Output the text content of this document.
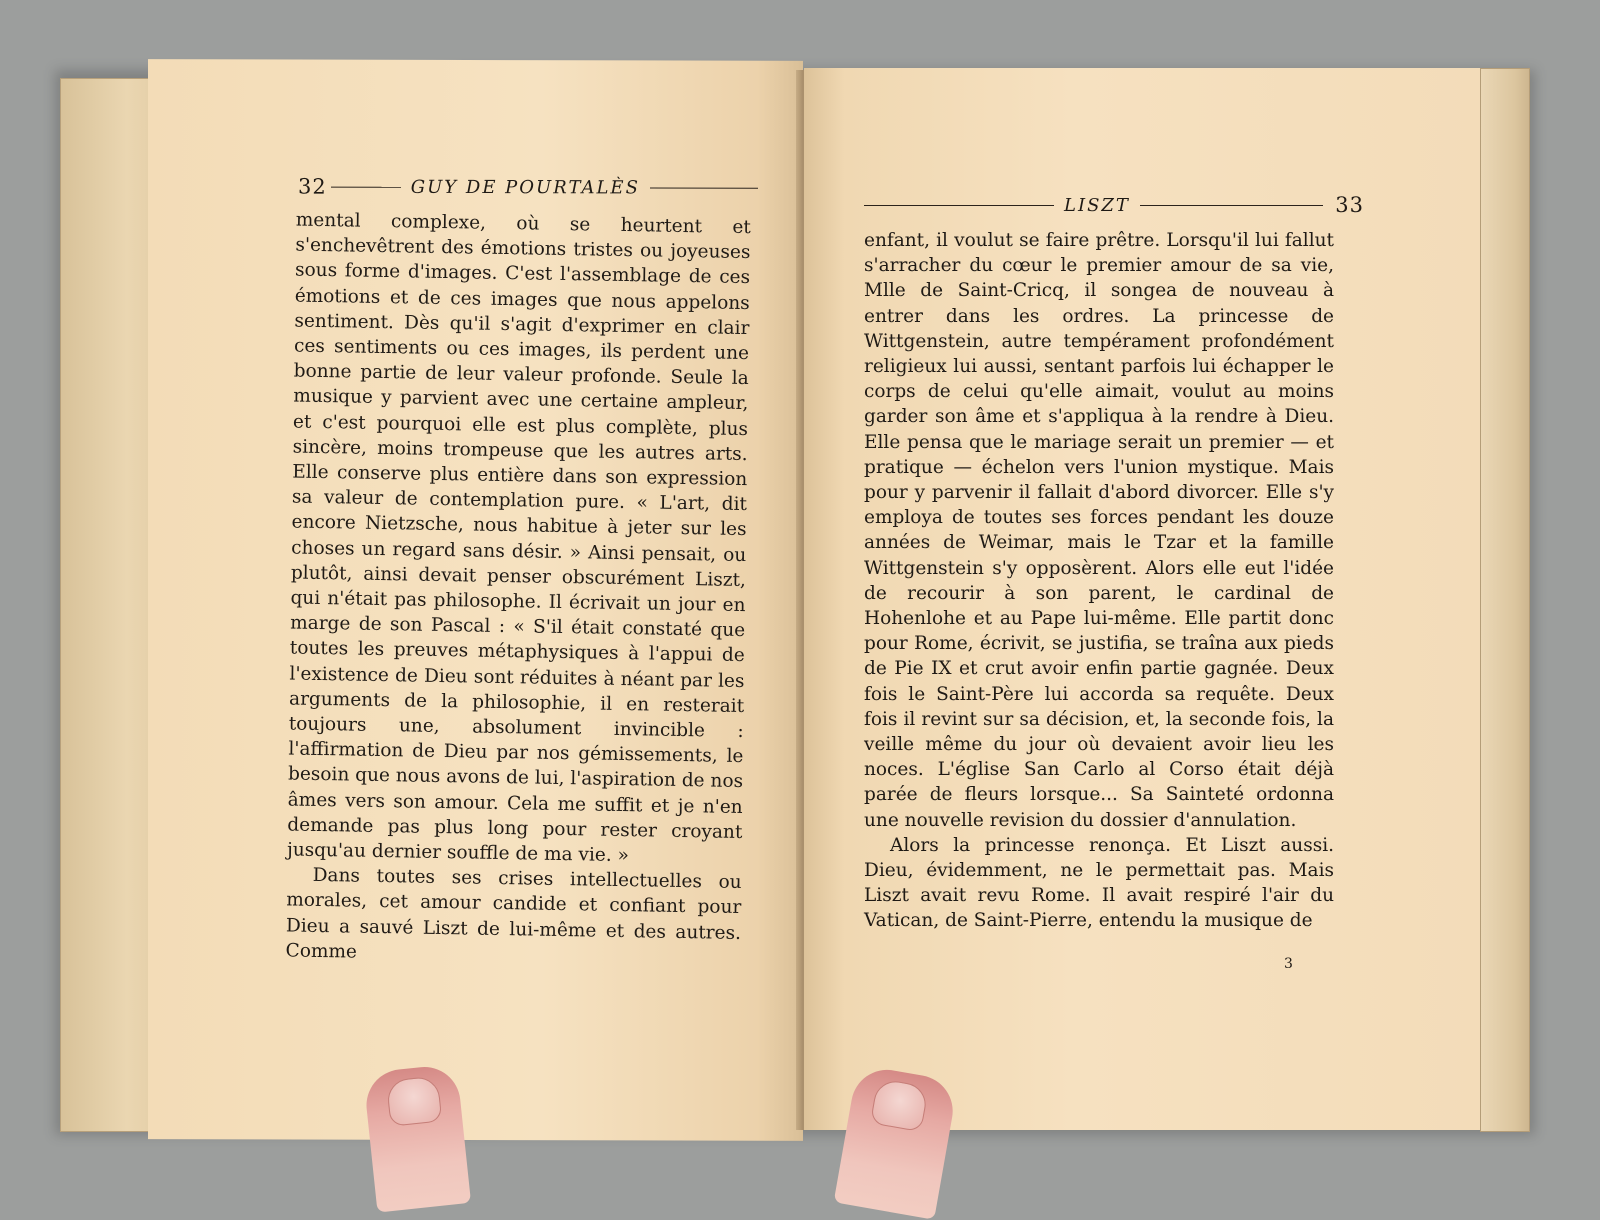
32	GUY DE POURTALÈS

mental complexe, où se heurtent et s'enchevêtrent des émotions tristes ou joyeuses sous forme d'images. C'est l'assemblage de ces émotions et de ces images que nous appelons sentiment. Dès qu'il s'agit d'exprimer en clair ces sentiments ou ces images, ils perdent une bonne partie de leur valeur profonde. Seule la musique y parvient avec une certaine ampleur, et c'est pourquoi elle est plus complète, plus sincère, moins trompeuse que les autres arts. Elle conserve plus entière dans son expression sa valeur de contemplation pure. « L'art, dit encore Nietzsche, nous habitue à jeter sur les choses un regard sans désir. » Ainsi pensait, ou plutôt, ainsi devait penser obscurément Liszt, qui n'était pas philosophe. Il écrivait un jour en marge de son Pascal : « S'il était constaté que toutes les preuves métaphysiques à l'appui de l'existence de Dieu sont réduites à néant par les arguments de la philosophie, il en resterait toujours une, absolument invincible : l'affirmation de Dieu par nos gémissements, le besoin que nous avons de lui, l'aspiration de nos âmes vers son amour. Cela me suffit et je n'en demande pas plus long pour rester croyant jusqu'au dernier souffle de ma vie. »

Dans toutes ses crises intellectuelles ou morales, cet amour candide et confiant pour Dieu a sauvé Liszt de lui-même et des autres. Comme

LISZT	33

enfant, il voulut se faire prêtre. Lorsqu'il lui fallut s'arracher du cœur le premier amour de sa vie, Mlle de Saint-Cricq, il songea de nouveau à entrer dans les ordres. La princesse de Wittgenstein, autre tempérament profondément religieux lui aussi, sentant parfois lui échapper le corps de celui qu'elle aimait, voulut au moins garder son âme et s'appliqua à la rendre à Dieu. Elle pensa que le mariage serait un premier — et pratique — échelon vers l'union mystique. Mais pour y parvenir il fallait d'abord divorcer. Elle s'y employa de toutes ses forces pendant les douze années de Weimar, mais le Tzar et la famille Wittgenstein s'y opposèrent. Alors elle eut l'idée de recourir à son parent, le cardinal de Hohenlohe et au Pape lui-même. Elle partit donc pour Rome, écrivit, se justifia, se traîna aux pieds de Pie IX et crut avoir enfin partie gagnée. Deux fois le Saint-Père lui accorda sa requête. Deux fois il revint sur sa décision, et, la seconde fois, la veille même du jour où devaient avoir lieu les noces. L'église San Carlo al Corso était déjà parée de fleurs lorsque... Sa Sainteté ordonna une nouvelle revision du dossier d'annulation.

Alors la princesse renonça. Et Liszt aussi. Dieu, évidemment, ne le permettait pas. Mais Liszt avait revu Rome. Il avait respiré l'air du Vatican, de Saint-Pierre, entendu la musique de

3
